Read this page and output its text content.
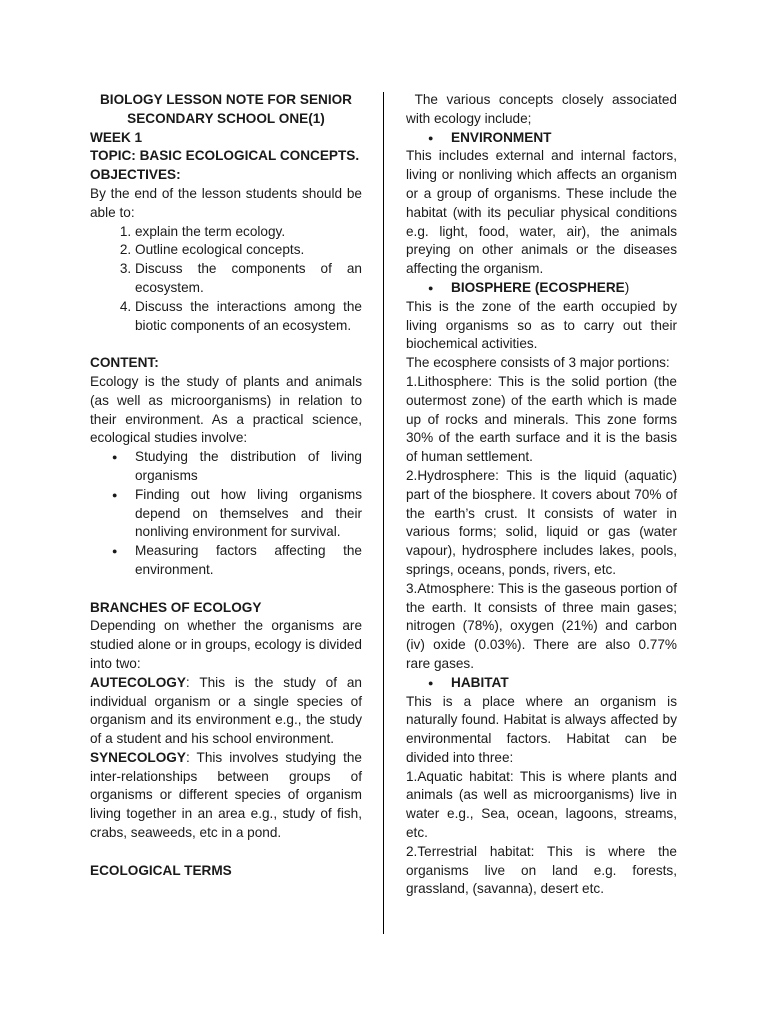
BIOLOGY LESSON NOTE FOR SENIOR SECONDARY SCHOOL ONE(1)

WEEK 1

TOPIC: BASIC ECOLOGICAL CONCEPTS.

OBJECTIVES:

By the end of the lesson students should be able to:

1. explain the term ecology.
2. Outline ecological concepts.
3. Discuss the components of an ecosystem.
4. Discuss the interactions among the biotic components of an ecosystem.

CONTENT:

Ecology is the study of plants and animals (as well as microorganisms) in relation to their environment. As a practical science, ecological studies involve:

● Studying the distribution of living organisms
● Finding out how living organisms depend on themselves and their nonliving environment for survival.
● Measuring factors affecting the environment.

BRANCHES OF ECOLOGY

Depending on whether the organisms are studied alone or in groups, ecology is divided into two:

AUTECOLOGY: This is the study of an individual organism or a single species of organism and its environment e.g., the study of a student and his school environment.

SYNECOLOGY: This involves studying the inter-relationships between groups of organisms or different species of organism living together in an area e.g., study of fish, crabs, seaweeds, etc in a pond.

ECOLOGICAL TERMS

The various concepts closely associated with ecology include;

● ENVIRONMENT

This includes external and internal factors, living or nonliving which affects an organism or a group of organisms. These include the habitat (with its peculiar physical conditions e.g. light, food, water, air), the animals preying on other animals or the diseases affecting the organism.

● BIOSPHERE (ECOSPHERE)

This is the zone of the earth occupied by living organisms so as to carry out their biochemical activities.

The ecosphere consists of 3 major portions:

1.Lithosphere: This is the solid portion (the outermost zone) of the earth which is made up of rocks and minerals. This zone forms 30% of the earth surface and it is the basis of human settlement.

2.Hydrosphere: This is the liquid (aquatic) part of the biosphere. It covers about 70% of the earth’s crust. It consists of water in various forms; solid, liquid or gas (water vapour), hydrosphere includes lakes, pools, springs, oceans, ponds, rivers, etc.

3.Atmosphere: This is the gaseous portion of the earth. It consists of three main gases; nitrogen (78%), oxygen (21%) and carbon (iv) oxide (0.03%). There are also 0.77% rare gases.

● HABITAT

This is a place where an organism is naturally found. Habitat is always affected by environmental factors. Habitat can be divided into three:

1.Aquatic habitat: This is where plants and animals (as well as microorganisms) live in water e.g., Sea, ocean, lagoons, streams, etc.

2.Terrestrial habitat: This is where the organisms live on land e.g. forests, grassland, (savanna), desert etc.
